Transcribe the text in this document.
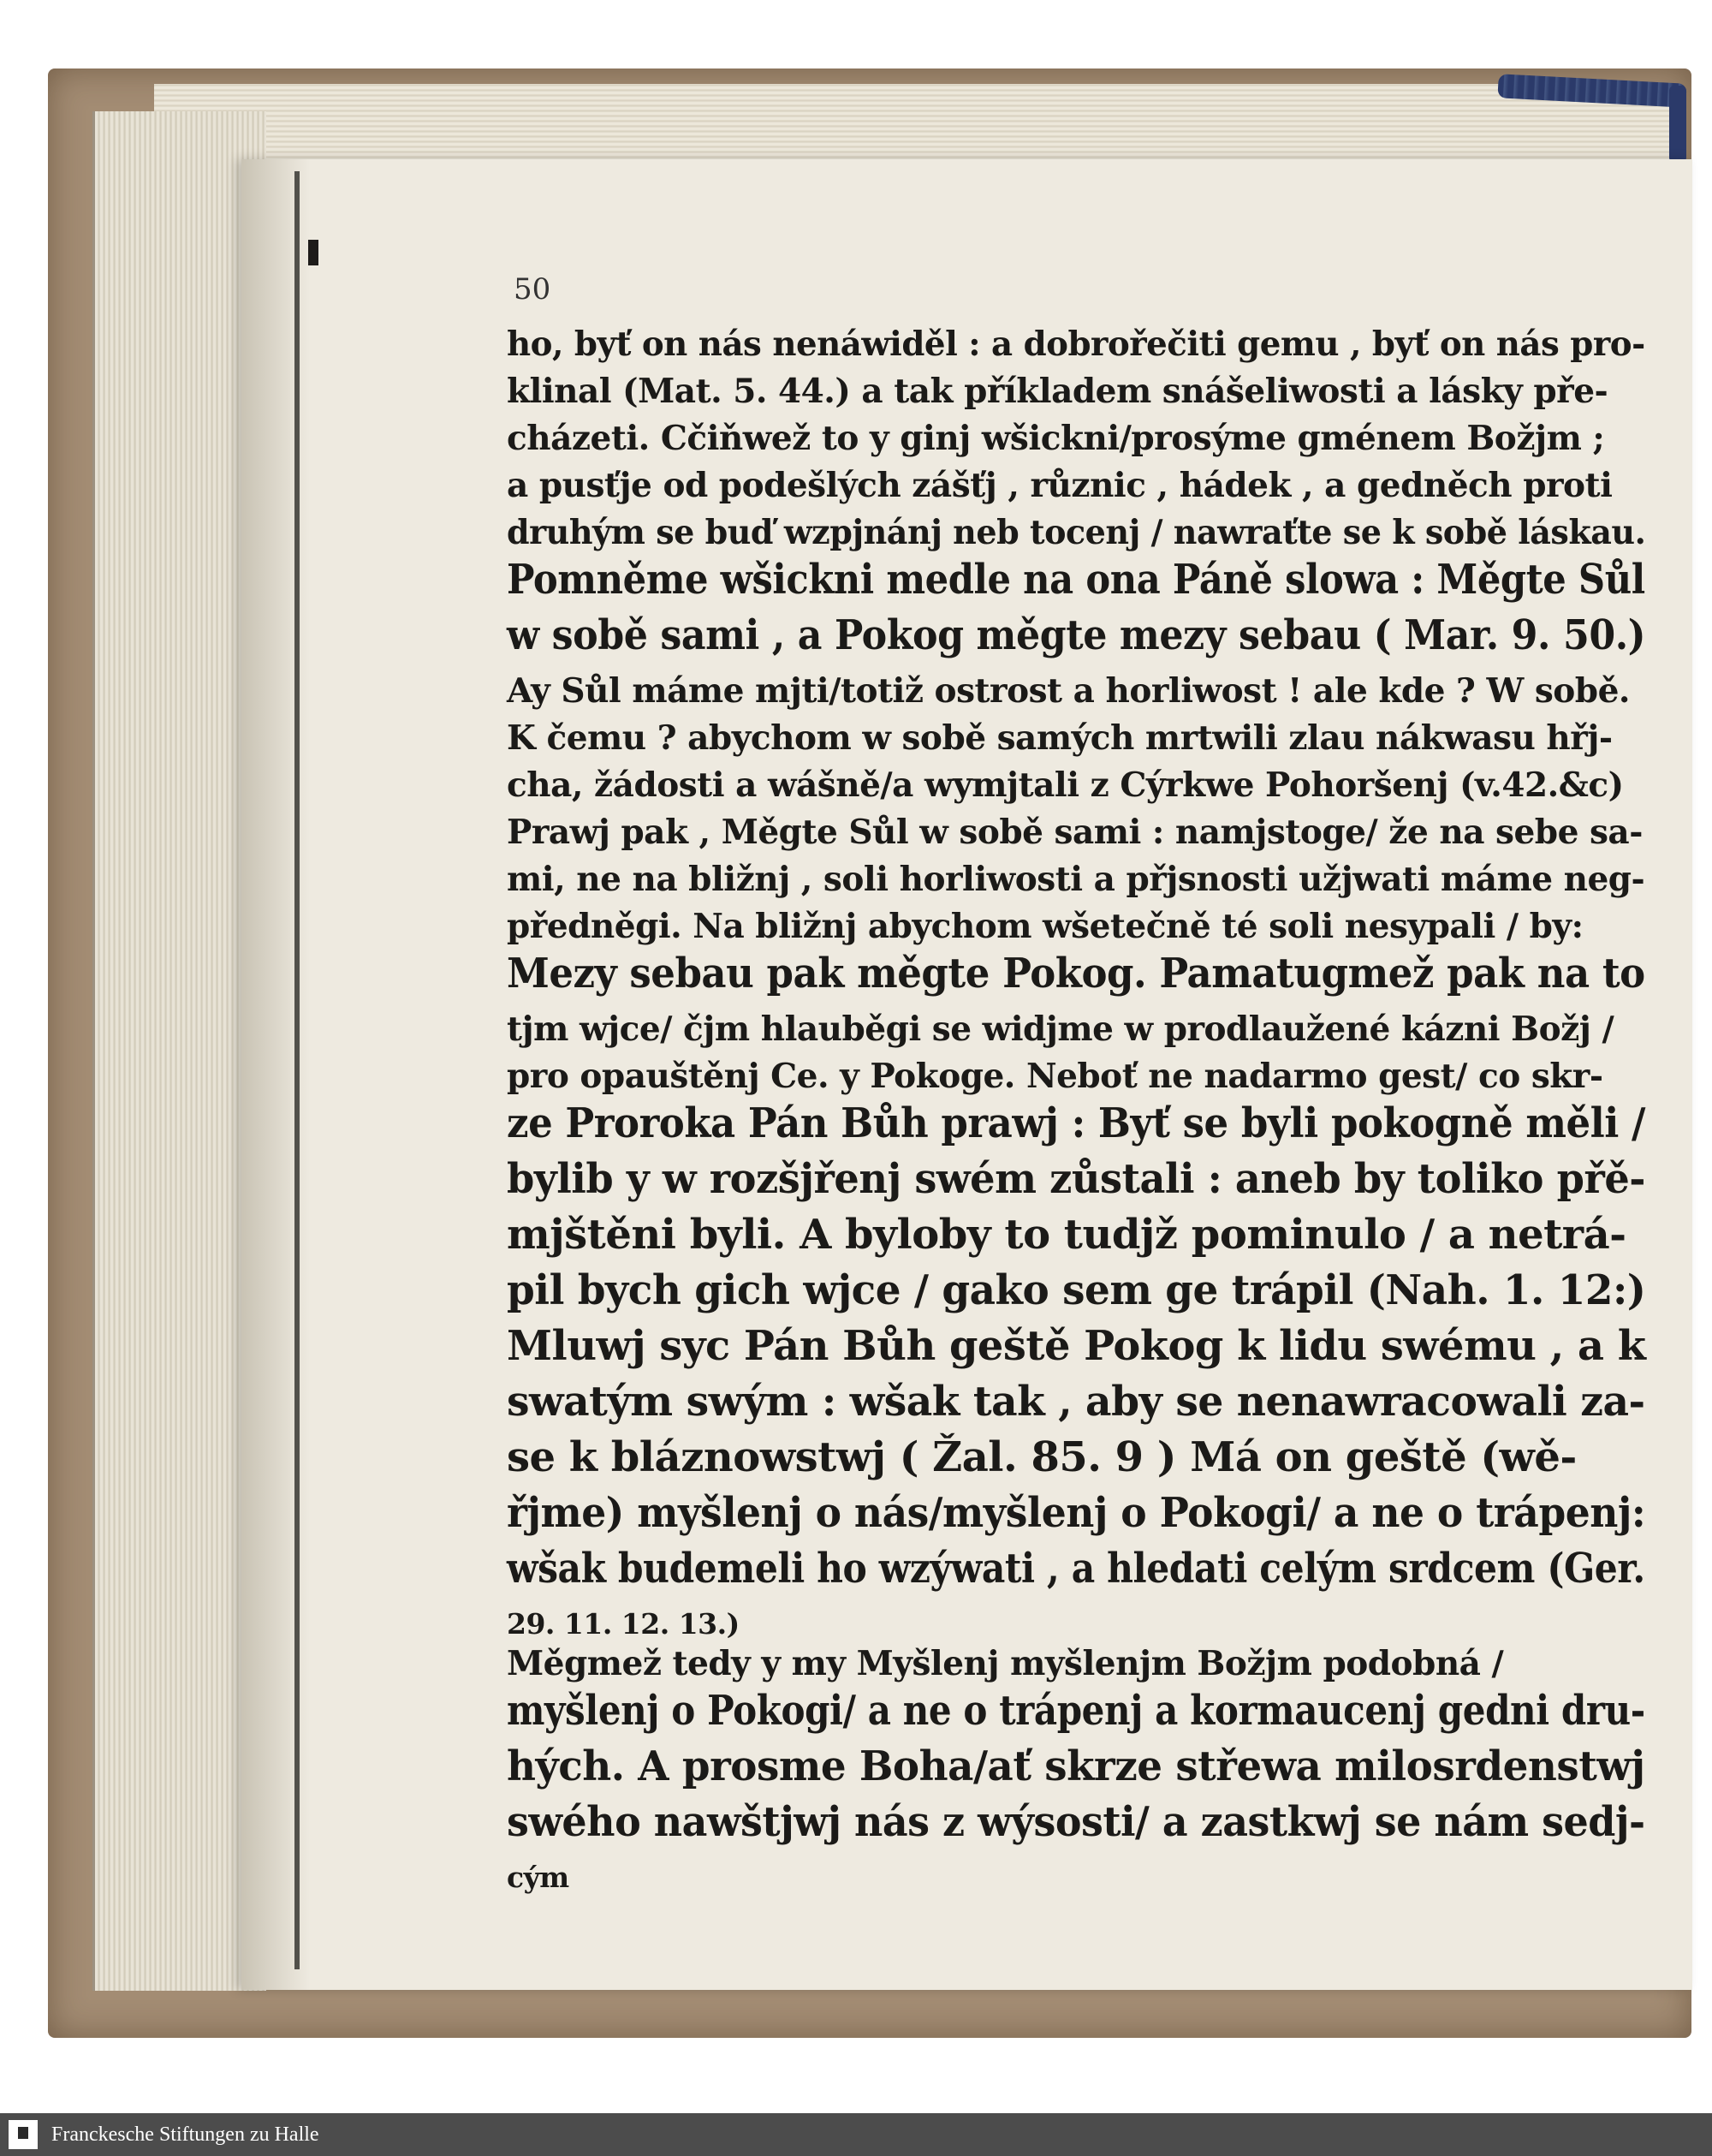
50
ho, byť on nás nenáwiděl : a dobrořečiti gemu , byť on nás pro-
klinal (Mat. 5. 44.) a tak příkladem snášeliwosti a lásky pře-
cházeti. Cčiňwež to y ginj wšickni/prosýme gménem Božjm ;
a pusťje od podešlých zášťj , různic , hádek , a gedněch proti
druhým se buď wzpjnánj neb tocenj / nawraťte se k sobě láskau.
Pomněme wšickni medle na ona Páně slowa : Měgte Sůl
w sobě sami , a Pokog měgte mezy sebau ( Mar. 9. 50.)
Ay Sůl máme mjti/totiž ostrost a horliwost ! ale kde ? W sobě.
K čemu ? abychom w sobě samých mrtwili zlau nákwasu hřj-
cha, žádosti a wášně/a wymjtali z Cýrkwe Pohoršenj (v.42.&c)
Prawj pak , Měgte Sůl w sobě sami : namjstoge/ že na sebe sa-
mi, ne na bližnj , soli horliwosti a přjsnosti užjwati máme neg-
předněgi. Na bližnj abychom wšetečně té soli nesypali / by:
Mezy sebau pak měgte Pokog. Pamatugmež pak na to
tjm wjce/ čjm hlauběgi se widjme w prodlaužené kázni Božj /
pro opauštěnj Ce. y Pokoge. Neboť ne nadarmo gest/ co skr-
ze Proroka Pán Bůh prawj : Byť se byli pokogně měli /
bylib y w rozšjřenj swém zůstali : aneb by toliko přě-
mjštěni byli. A byloby to tudjž pominulo / a netrá-
pil bych gich wjce / gako sem ge trápil (Nah. 1. 12:)
Mluwj syc Pán Bůh geště Pokog k lidu swému , a k
swatým swým : wšak tak , aby se nenawracowali za-
se k bláznowstwj ( Žal. 85. 9 ) Má on geště (wě-
řjme) myšlenj o nás/myšlenj o Pokogi/ a ne o trápenj:
wšak budemeli ho wzýwati , a hledati celým srdcem (Ger.
29. 11. 12. 13.)
Měgmež tedy y my Myšlenj myšlenjm Božjm podobná /
myšlenj o Pokogi/ a ne o trápenj a kormaucenj gedni dru-
hých. A prosme Boha/ať skrze střewa milosrdenstwj
swého nawštjwj nás z wýsosti/ a zastkwj se nám sedj-
cým
Franckesche Stiftungen zu Halle
